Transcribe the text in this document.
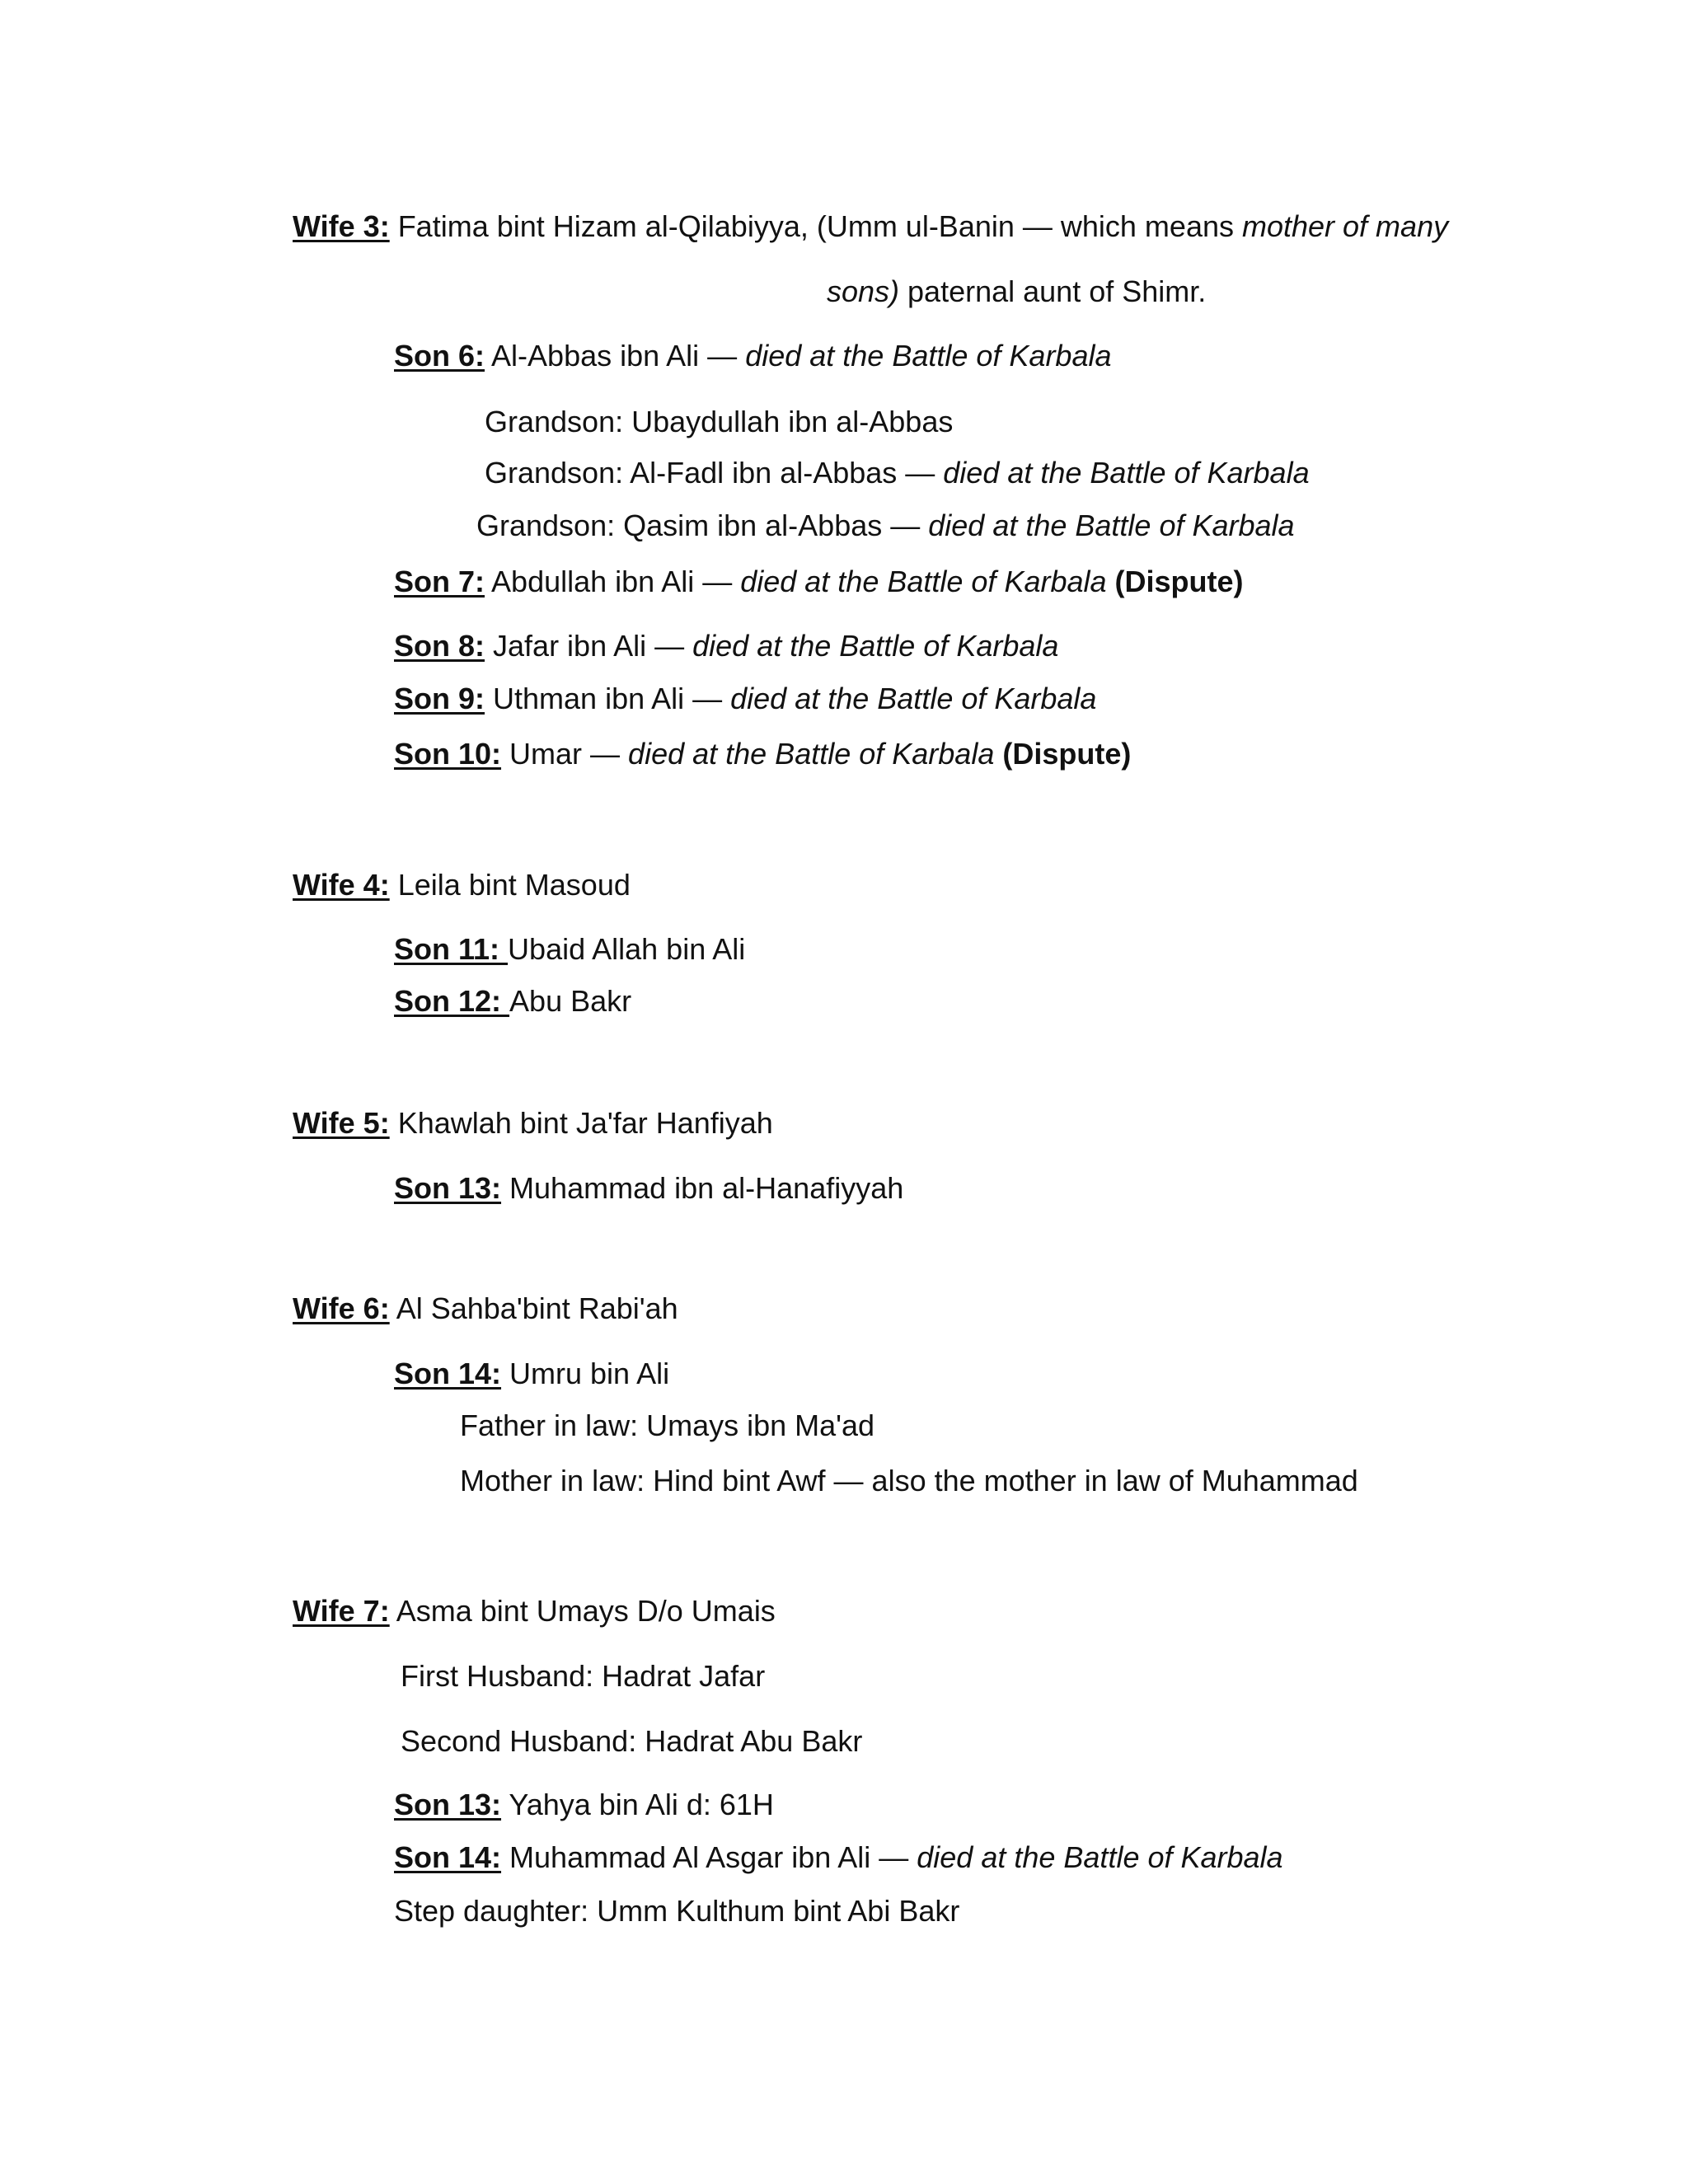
Wife 3: Fatima bint Hizam al-Qilabiyya, (Umm ul-Banin — which means mother of many
sons) paternal aunt of Shimr.
Son 6: Al-Abbas ibn Ali — died at the Battle of Karbala
Grandson: Ubaydullah ibn al-Abbas
Grandson: Al-Fadl ibn al-Abbas — died at the Battle of Karbala
Grandson: Qasim ibn al-Abbas — died at the Battle of Karbala
Son 7: Abdullah ibn Ali — died at the Battle of Karbala (Dispute)
Son 8: Jafar ibn Ali — died at the Battle of Karbala
Son 9: Uthman ibn Ali — died at the Battle of Karbala
Son 10: Umar — died at the Battle of Karbala (Dispute)
Wife 4: Leila bint Masoud
Son 11: Ubaid Allah bin Ali
Son 12: Abu Bakr
Wife 5: Khawlah bint Ja'far Hanfiyah
Son 13: Muhammad ibn al-Hanafiyyah
Wife 6: Al Sahba'bint Rabi'ah
Son 14: Umru bin Ali
Father in law: Umays ibn Ma'ad
Mother in law: Hind bint Awf — also the mother in law of Muhammad
Wife 7: Asma bint Umays D/o Umais
First Husband: Hadrat Jafar
Second Husband: Hadrat Abu Bakr
Son 13: Yahya bin Ali d: 61H
Son 14: Muhammad Al Asgar ibn Ali — died at the Battle of Karbala
Step daughter: Umm Kulthum bint Abi Bakr
